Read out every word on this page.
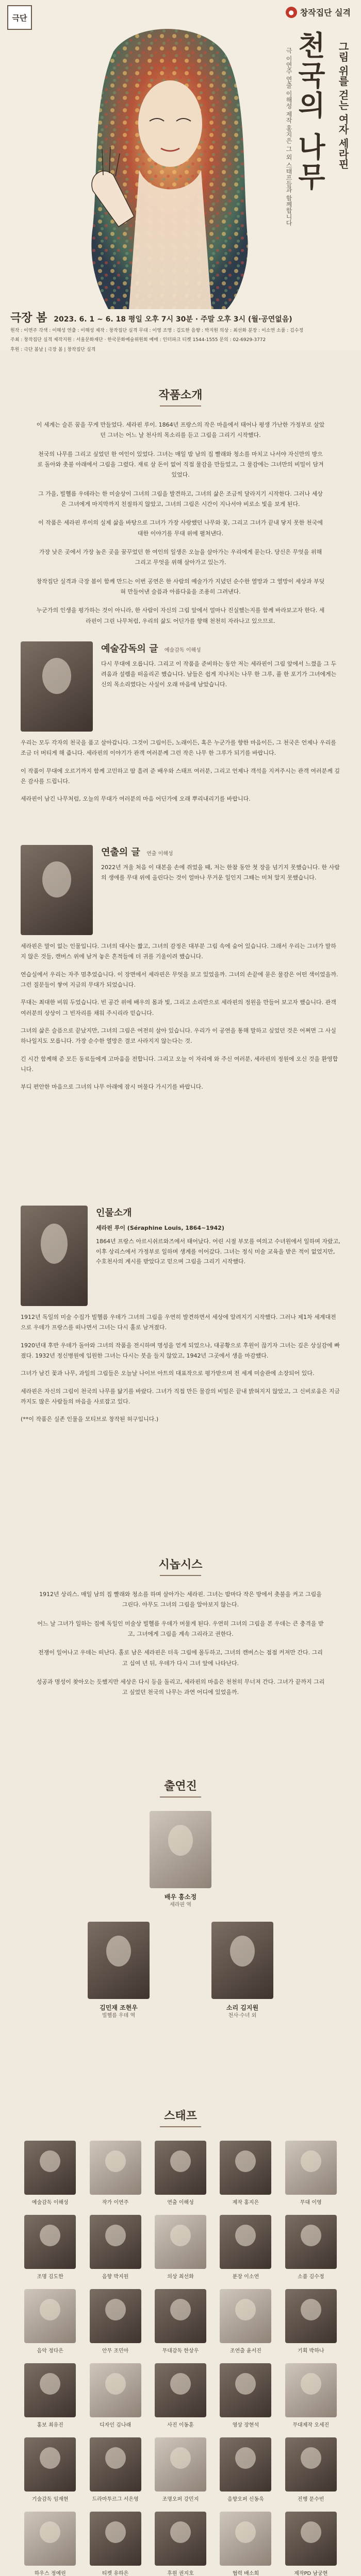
극단
● 창작집단 실격
천국의 나무	그림 위를 걷는 여자 세라핀
극 이연주 연출 이해성 제작 홍지은 그 외 스태프들과 함께합니다
극장 봄 2023. 6. 1 ~ 6. 18 평일 오후 7시 30분 · 주말 오후 3시 (월·공연없음)
원작 : 이연주 각색 : 이해성 연출 : 이해성 제작 : 창작집단 실격 무대 : 이영 조명 : 김도한 음향 : 박지원 의상 : 최선화 분장 : 이소연 소품 : 김수정
주최 : 창작집단 실격 제작지원 : 서울문화재단 · 한국문화예술위원회 예매 : 인터파크 티켓 1544-1555 문의 : 02-6929-3772
후원 : 극단 봄날 | 극장 봄 | 창작집단 실격
작품소개

이 세계는 슬픈 꿈을 꾸게 만들었다. 세라핀 루이. 1864년 프랑스의 작은 마을에서 태어나 평생 가난한 가정부로 살았던 그녀는 어느 날 천사의 목소리를 듣고 그림을 그리기 시작했다.

천국의 나무를 그리고 싶었던 한 여인이 있었다. 그녀는 매일 밤 남의 집 빨래와 청소를 마치고 나서야 자신만의 방으로 돌아와 촛불 아래에서 그림을 그렸다. 재료 살 돈이 없어 직접 물감을 만들었고, 그 물감에는 그녀만의 비밀이 담겨 있었다.

그 가을, 빌헬름 우데라는 한 미술상이 그녀의 그림을 발견하고, 그녀의 삶은 조금씩 달라지기 시작한다. 그러나 세상은 그녀에게 마지막까지 친절하지 않았고, 그녀의 그림은 시간이 지나서야 비로소 빛을 보게 된다.

이 작품은 세라핀 루이의 실제 삶을 바탕으로 그녀가 가장 사랑했던 나무와 꽃, 그리고 그녀가 끝내 닿지 못한 천국에 대한 이야기를 무대 위에 펼쳐낸다.

가장 낮은 곳에서 가장 높은 곳을 꿈꾸었던 한 여인의 일생은 오늘을 살아가는 우리에게 묻는다. 당신은 무엇을 위해 그리고 무엇을 위해 살아가고 있는가.

창작집단 실격과 극장 봄이 함께 만드는 이번 공연은 한 사람의 예술가가 지녔던 순수한 열망과 그 열망이 세상과 부딪혀 만들어낸 슬픔과 아름다움을 조용히 그려낸다.

누군가의 인생을 평가하는 것이 아니라, 한 사람이 자신의 그림 앞에서 얼마나 진실했는지를 함께 바라보고자 한다. 세라핀이 그린 나무처럼, 우리의 삶도 어딘가를 향해 천천히 자라나고 있으므로.

예술감독의 글 예술감독 이해성
다시 무대에 오릅니다. 그리고 이 작품을 준비하는 동안 저는 세라핀이 그림 앞에서 느꼈을 그 두려움과 설렘을 떠올리곤 했습니다. 남들은 쉽게 지나치는 나무 한 그루, 풀 한 포기가 그녀에게는 신의 목소리였다는 사실이 오래 마음에 남았습니다.

우리는 모두 각자의 천국을 품고 살아갑니다. 그것이 그림이든, 노래이든, 혹은 누군가를 향한 마음이든, 그 천국은 언제나 우리를 조금 더 버티게 해 줍니다. 세라핀의 이야기가 관객 여러분께 그런 작은 나무 한 그루가 되기를 바랍니다.

이 작품이 무대에 오르기까지 함께 고민하고 땀 흘려 준 배우와 스태프 여러분, 그리고 언제나 객석을 지켜주시는 관객 여러분께 깊은 감사를 드립니다.

세라핀이 남긴 나무처럼, 오늘의 무대가 여러분의 마음 어딘가에 오래 뿌리내리기를 바랍니다.

연출의 글 연출 이해성
2022년 겨울 처음 이 대본을 손에 쥐었을 때, 저는 한참 동안 첫 장을 넘기지 못했습니다. 한 사람의 생애를 무대 위에 올린다는 것이 얼마나 무거운 일인지 그때는 미처 알지 못했습니다.

세라핀은 말이 없는 인물입니다. 그녀의 대사는 짧고, 그녀의 감정은 대부분 그림 속에 숨어 있습니다. 그래서 우리는 그녀가 말하지 않은 것들, 캔버스 위에 남겨 놓은 흔적들에 더 귀를 기울이려 했습니다.

연습실에서 우리는 자주 멈추었습니다. 이 장면에서 세라핀은 무엇을 보고 있었을까. 그녀의 손끝에 묻은 물감은 어떤 색이었을까. 그런 질문들이 쌓여 지금의 무대가 되었습니다.

무대는 최대한 비워 두었습니다. 빈 공간 위에 배우의 몸과 빛, 그리고 소리만으로 세라핀의 정원을 만들어 보고자 했습니다. 관객 여러분의 상상이 그 빈자리를 채워 주시리라 믿습니다.

그녀의 삶은 슬픔으로 끝났지만, 그녀의 그림은 여전히 살아 있습니다. 우리가 이 공연을 통해 말하고 싶었던 것은 어쩌면 그 사실 하나일지도 모릅니다. 가장 순수한 열망은 결코 사라지지 않는다는 것.

긴 시간 함께해 준 모든 동료들에게 고마움을 전합니다. 그리고 오늘 이 자리에 와 주신 여러분, 세라핀의 정원에 오신 것을 환영합니다.

부디 편안한 마음으로 그녀의 나무 아래에 잠시 머물다 가시기를 바랍니다.

인물소개
세라핀 루이 (Séraphine Louis, 1864~1942)
1864년 프랑스 아르시쉬르와즈에서 태어났다. 어린 시절 부모를 여의고 수녀원에서 일하며 자랐고, 이후 상리스에서 가정부로 일하며 생계를 이어갔다. 그녀는 정식 미술 교육을 받은 적이 없었지만, 수호천사의 계시를 받았다고 믿으며 그림을 그리기 시작했다.

1912년 독일의 미술 수집가 빌헬름 우데가 그녀의 그림을 우연히 발견하면서 세상에 알려지기 시작했다. 그러나 제1차 세계대전으로 우데가 프랑스를 떠나면서 그녀는 다시 홀로 남겨졌다.

1920년대 후반 우데가 돌아와 그녀의 작품을 전시하며 명성을 얻게 되었으나, 대공황으로 후원이 끊기자 그녀는 깊은 상실감에 빠졌다. 1932년 정신병원에 입원한 그녀는 다시는 붓을 들지 않았고, 1942년 그곳에서 생을 마감했다.

그녀가 남긴 꽃과 나무, 과일의 그림들은 오늘날 나이브 아트의 대표작으로 평가받으며 전 세계 미술관에 소장되어 있다.

세라핀은 자신의 그림이 천국의 나무를 닮기를 바랐다. 그녀가 직접 만든 물감의 비밀은 끝내 밝혀지지 않았고, 그 신비로움은 지금까지도 많은 사람들의 마음을 사로잡고 있다.

(**이 작품은 실존 인물을 모티브로 창작된 허구입니다.)

시놉시스

1912년 상리스. 매일 남의 집 빨래와 청소를 하며 살아가는 세라핀. 그녀는 밤마다 작은 방에서 촛불을 켜고 그림을 그린다. 아무도 그녀의 그림을 알아보지 않는다.

어느 날 그녀가 일하는 집에 독일인 미술상 빌헬름 우데가 머물게 된다. 우연히 그녀의 그림을 본 우데는 큰 충격을 받고, 그녀에게 그림을 계속 그리라고 권한다.

전쟁이 일어나고 우데는 떠난다. 홀로 남은 세라핀은 더욱 그림에 몰두하고, 그녀의 캔버스는 점점 커져만 간다. 그리고 십여 년 뒤, 우데가 다시 그녀 앞에 나타난다.

성공과 명성이 찾아오는 듯했지만 세상은 다시 등을 돌리고, 세라핀의 마음은 천천히 무너져 간다. 그녀가 끝까지 그리고 싶었던 천국의 나무는 과연 어디에 있었을까.

출연진
배우 홍소정
세라핀 역
김민재 조현우
빌헬름 우데 역
소리 김지원
천사·수녀 외
스태프
예술감독 이해성	작가 이연주	연출 이해성	제작 홍지은	무대 이영
조명 김도한	음향 박지원	의상 최선화	분장 이소연	소품 김수정
음악 정다은	안무 조민아	무대감독 한상우	조연출 윤서진	기획 박하나
홍보 최유진	디자인 김나래	사진 이동훈	영상 장현석	무대제작 오세진
기술감독 임재현	드라마투르그 서은영	조명오퍼 강민지	음향오퍼 신동욱	진행 문수빈
하우스 정예린	티켓 유하은	후원 권지호	협력 배소희	제작PD 남궁현
